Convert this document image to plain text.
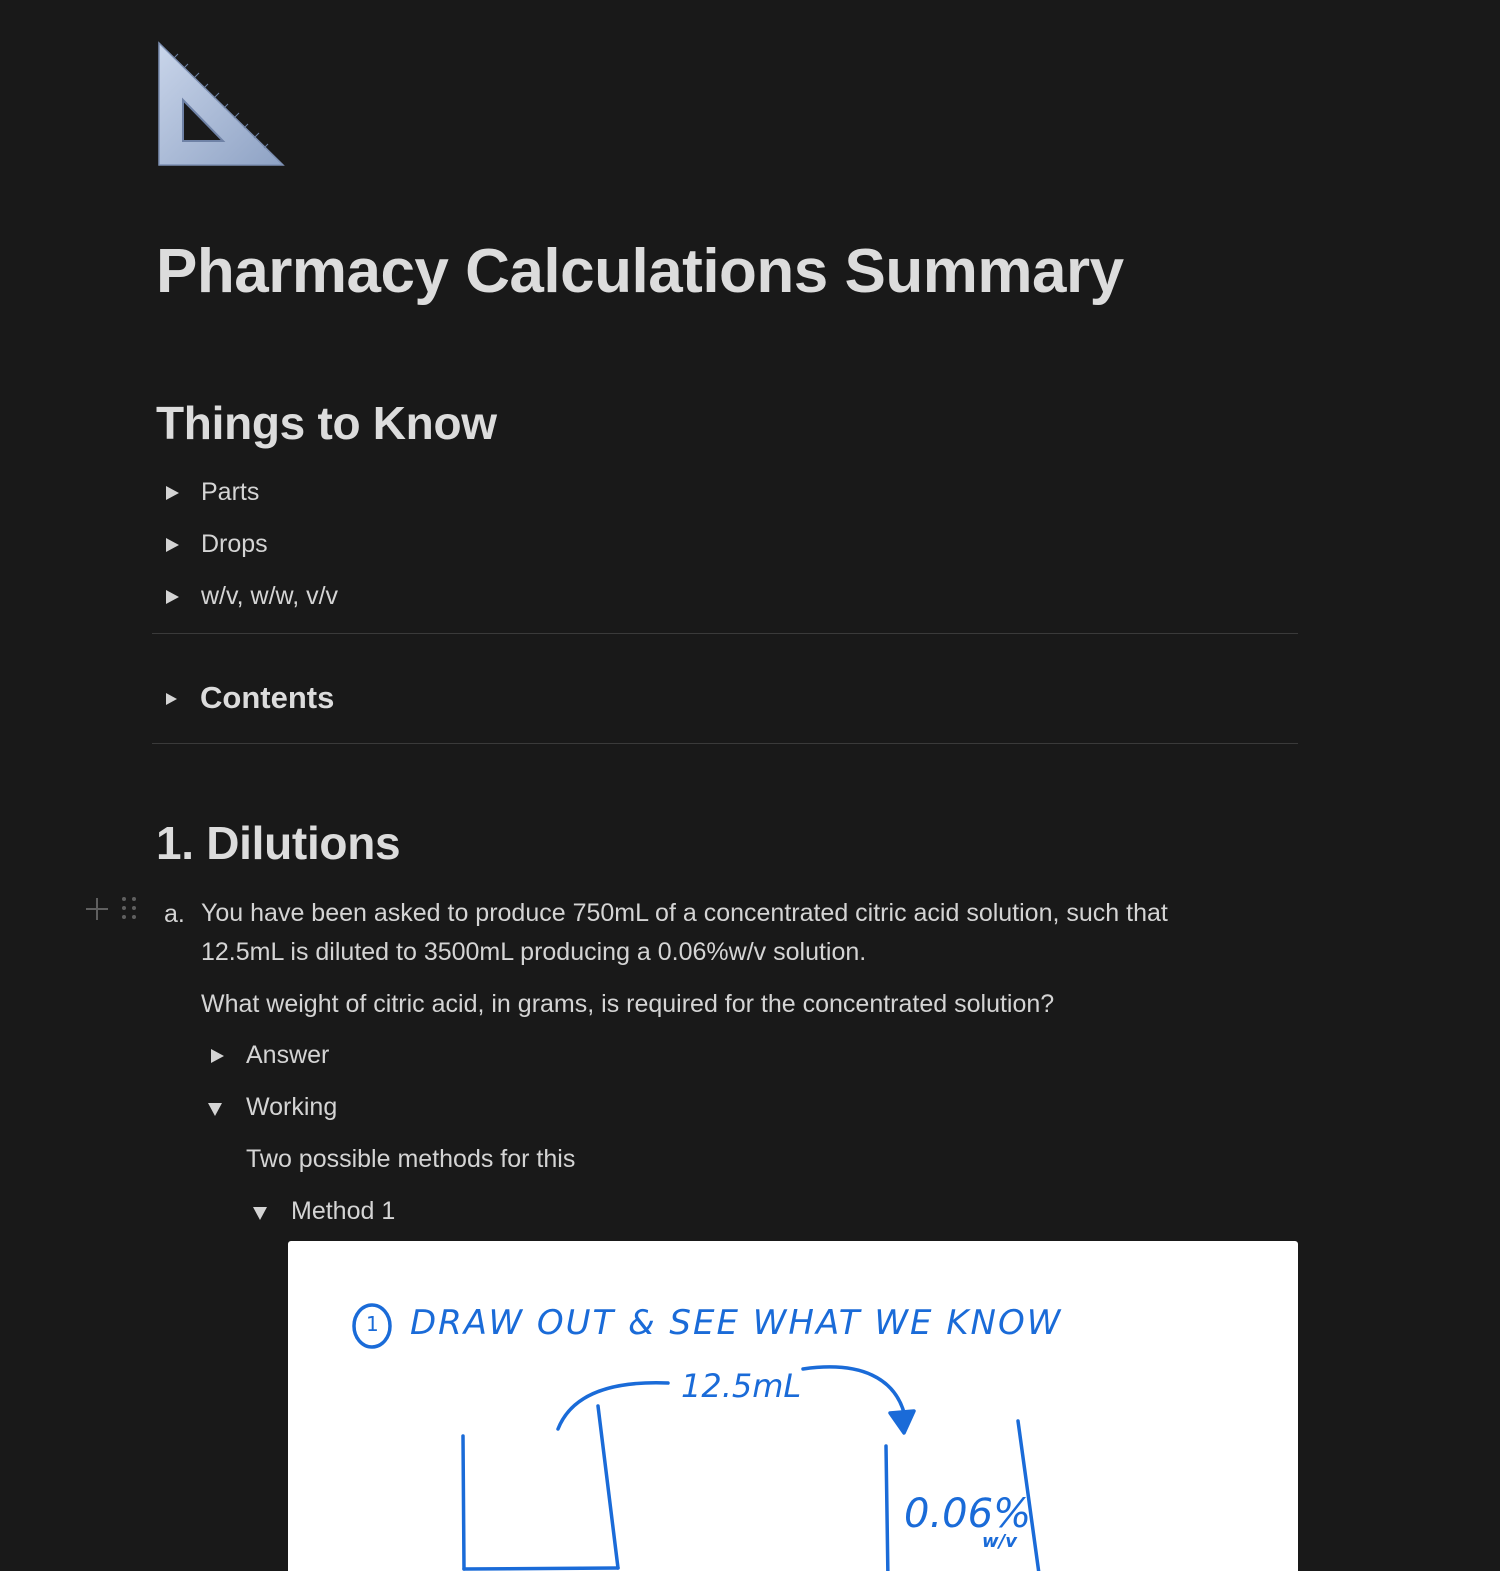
Pharmacy Calculations Summary
Things to Know
Parts
Drops
w/v, w/w, v/v
Contents
1. Dilutions
a. You have been asked to produce 750mL of a concentrated citric acid solution, such that
12.5mL is diluted to 3500mL producing a 0.06%w/v solution.
What weight of citric acid, in grams, is required for the concentrated solution?
Answer
Working
Two possible methods for this
Method 1
1 DRAW OUT & SEE WHAT WE KNOW
12.5mL
0.06%
w/v
